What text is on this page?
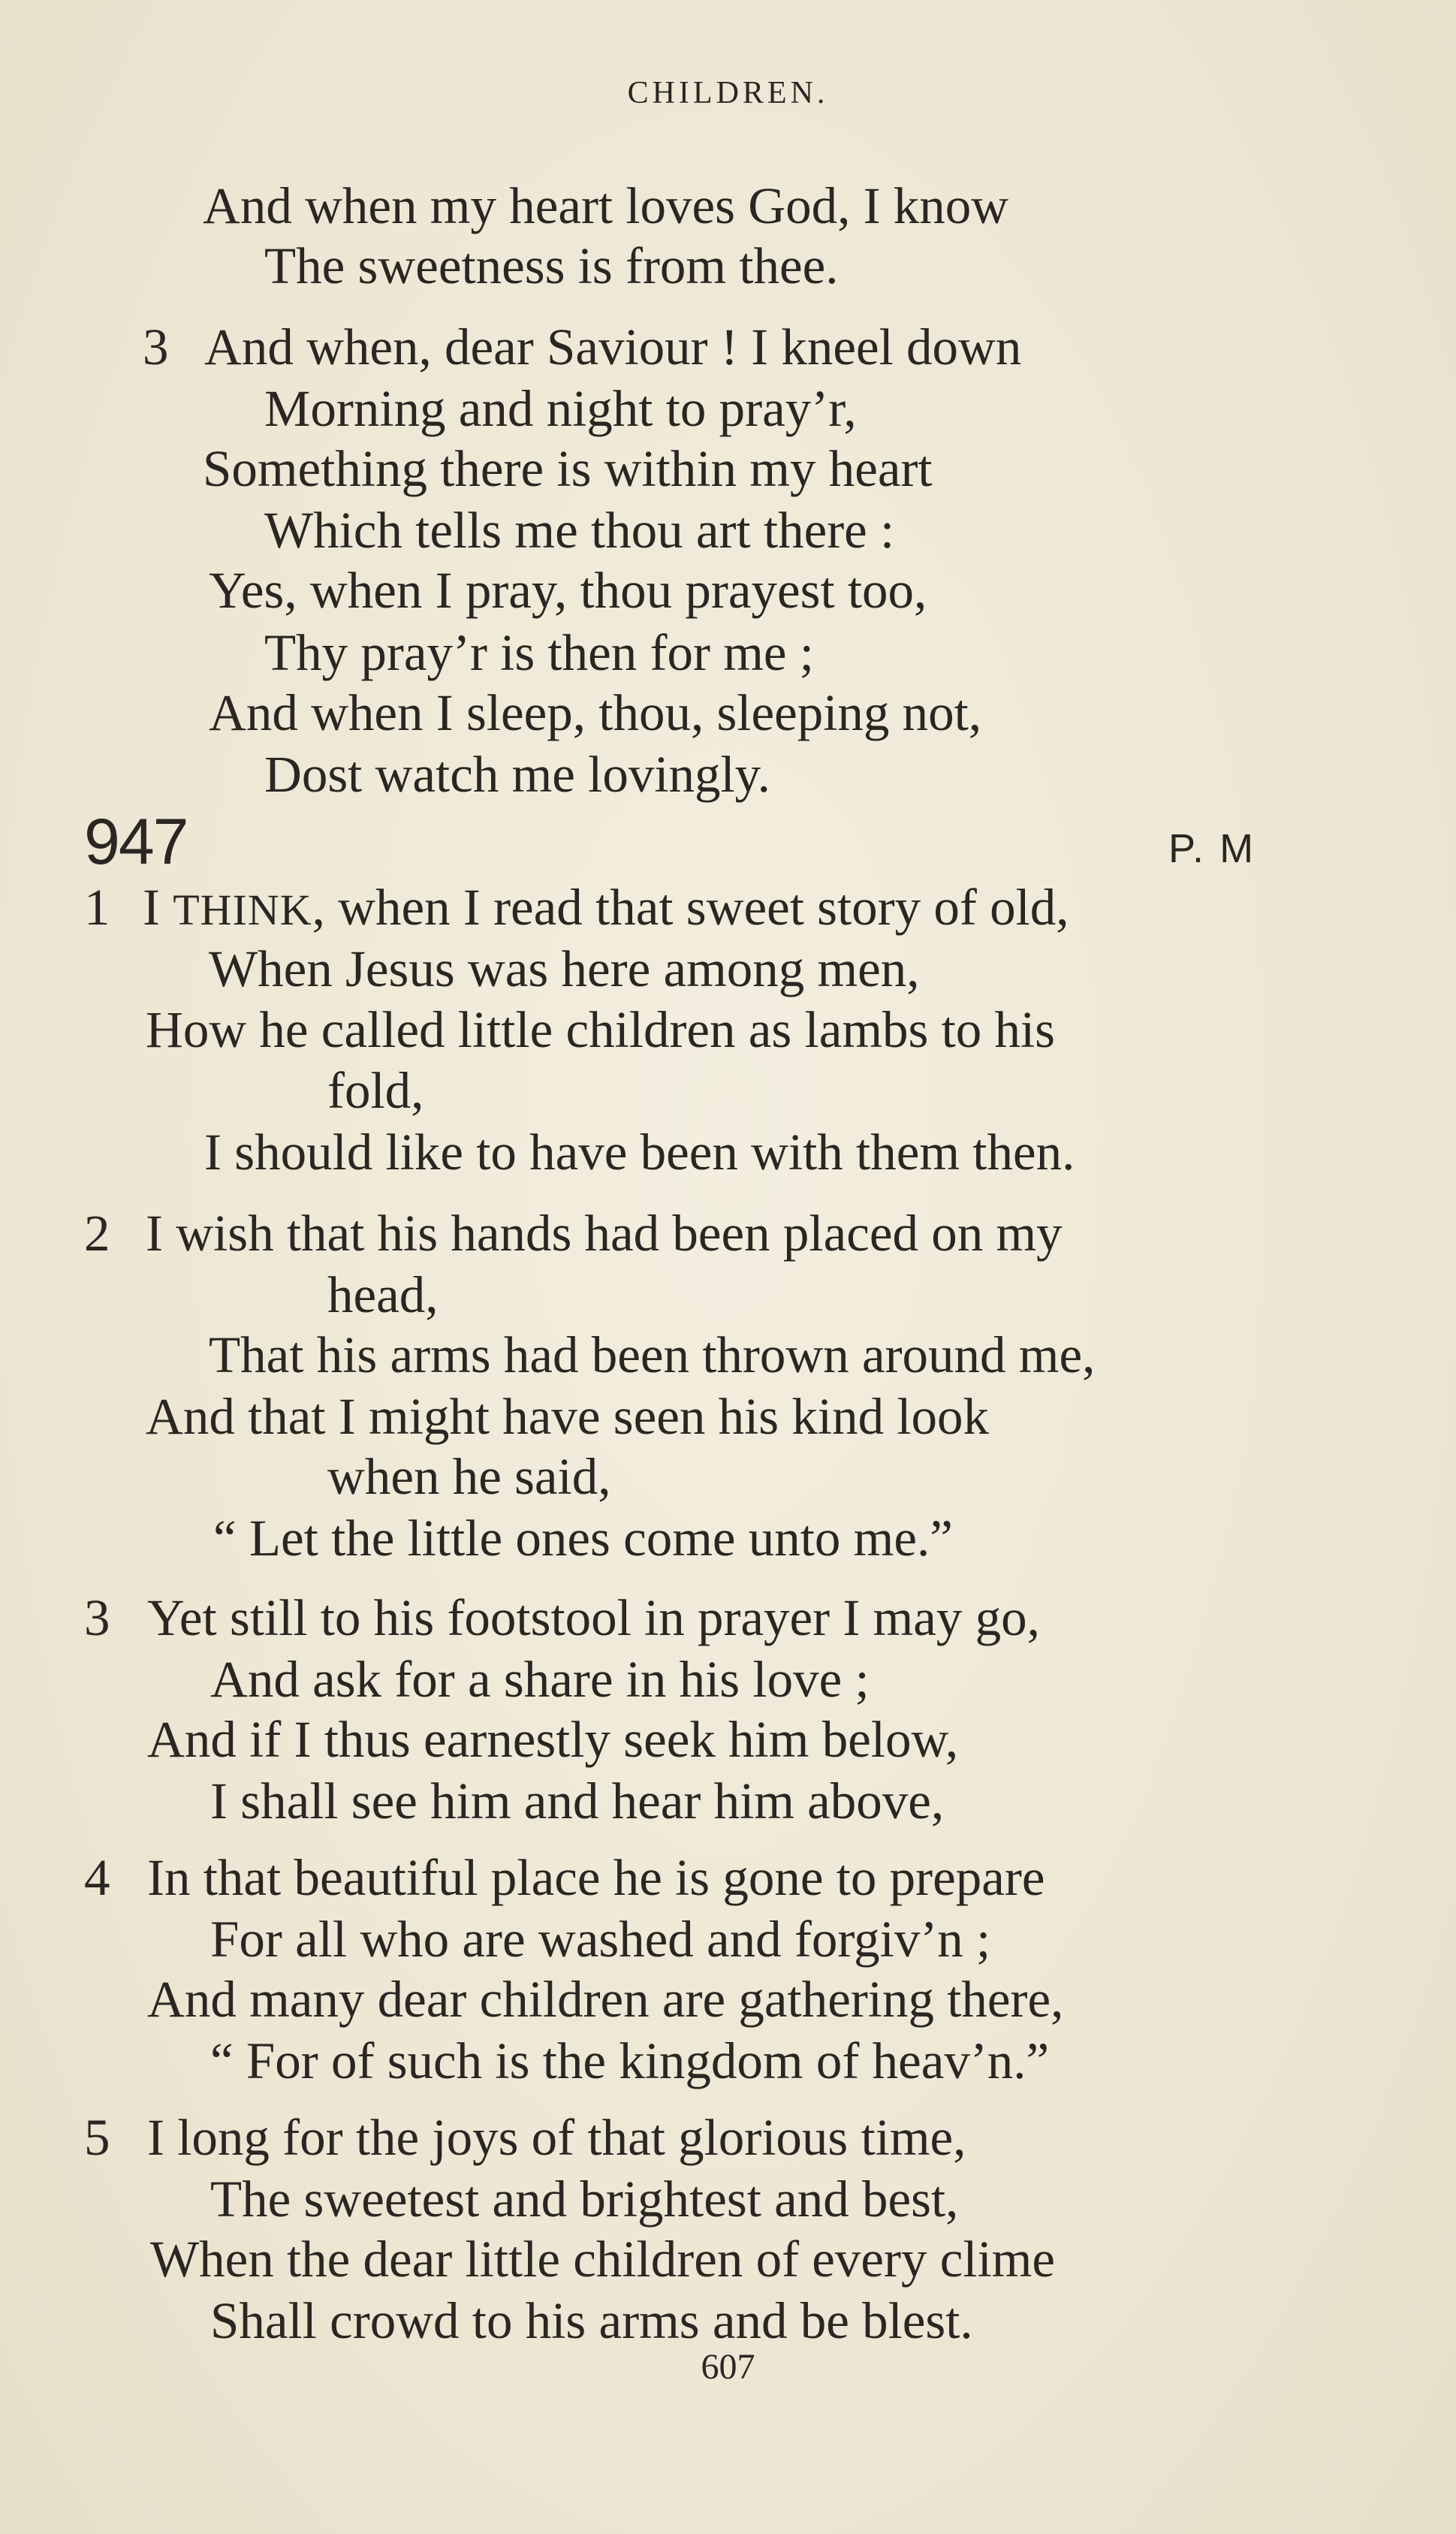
CHILDREN.
And when my heart loves God, I know
The sweetness is from thee.
3 And when, dear Saviour ! I kneel down
Morning and night to pray’r,
Something there is within my heart
Which tells me thou art there :
Yes, when I pray, thou prayest too,
Thy pray’r is then for me ;
And when I sleep, thou, sleeping not,
Dost watch me lovingly.
947	P. M
1 I THINK, when I read that sweet story of old,
When Jesus was here among men,
How he called little children as lambs to his
fold,
I should like to have been with them then.
2 I wish that his hands had been placed on my
head,
That his arms had been thrown around me,
And that I might have seen his kind look
when he said,
“ Let the little ones come unto me.”
3 Yet still to his footstool in prayer I may go,
And ask for a share in his love ;
And if I thus earnestly seek him below,
I shall see him and hear him above,
4 In that beautiful place he is gone to prepare
For all who are washed and forgiv’n ;
And many dear children are gathering there,
“ For of such is the kingdom of heav’n.”
5 I long for the joys of that glorious time,
The sweetest and brightest and best,
When the dear little children of every clime
Shall crowd to his arms and be blest.
607
